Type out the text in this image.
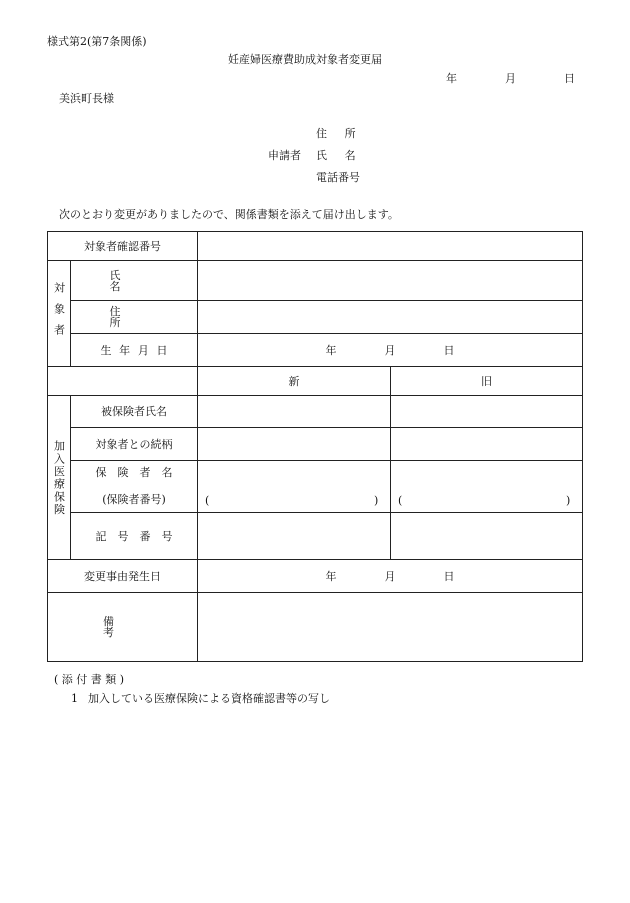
様式第2(第7条関係)
妊産婦医療費助成対象者変更届
年	月	日
美浜町長様
住　所
申請者 氏　名
電話番号
次のとおり変更がありましたので、関係書類を添えて届け出します。
対象者確認番号
対象者
氏名
住所
生年月日	年	月	日
新	旧
加入医療保険
被保険者氏名
対象者との続柄
保険者名
(保険者番号)	(	) (	)
記号番号
変更事由発生日	年	月	日
備考
( 添 付 書 類 )
1 加入している医療保険による資格確認書等の写し
